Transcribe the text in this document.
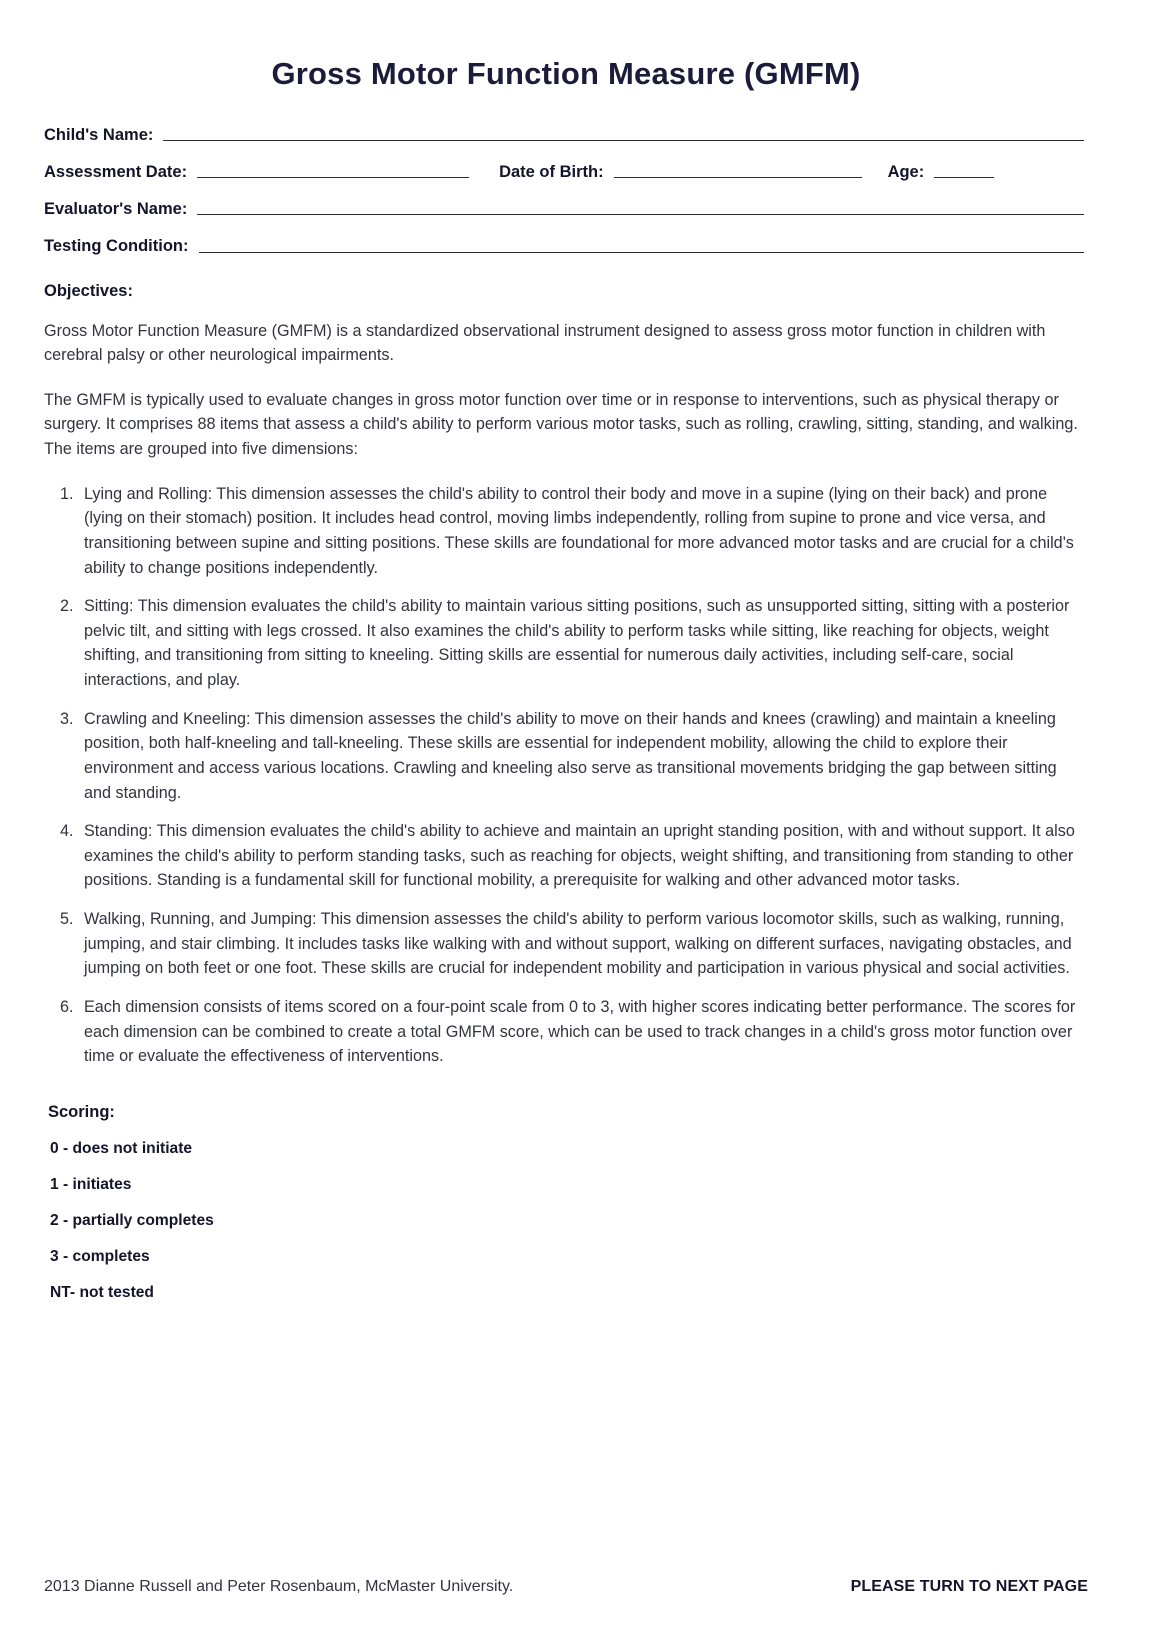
Gross Motor Function Measure (GMFM)
Child's Name:
Assessment Date:	Date of Birth:	Age:
Evaluator's Name:
Testing Condition:
Objectives:

Gross Motor Function Measure (GMFM) is a standardized observational instrument designed to assess gross motor function in children with cerebral palsy or other neurological impairments.

The GMFM is typically used to evaluate changes in gross motor function over time or in response to interventions, such as physical therapy or surgery. It comprises 88 items that assess a child's ability to perform various motor tasks, such as rolling, crawling, sitting, standing, and walking. The items are grouped into five dimensions:

1. Lying and Rolling: This dimension assesses the child's ability to control their body and move in a supine (lying on their back) and prone (lying on their stomach) position. It includes head control, moving limbs independently, rolling from supine to prone and vice versa, and transitioning between supine and sitting positions. These skills are foundational for more advanced motor tasks and are crucial for a child's ability to change positions independently.
2. Sitting: This dimension evaluates the child's ability to maintain various sitting positions, such as unsupported sitting, sitting with a posterior pelvic tilt, and sitting with legs crossed. It also examines the child's ability to perform tasks while sitting, like reaching for objects, weight shifting, and transitioning from sitting to kneeling. Sitting skills are essential for numerous daily activities, including self-care, social interactions, and play.
3. Crawling and Kneeling: This dimension assesses the child's ability to move on their hands and knees (crawling) and maintain a kneeling position, both half-kneeling and tall-kneeling. These skills are essential for independent mobility, allowing the child to explore their environment and access various locations. Crawling and kneeling also serve as transitional movements bridging the gap between sitting and standing.
4. Standing: This dimension evaluates the child's ability to achieve and maintain an upright standing position, with and without support. It also examines the child's ability to perform standing tasks, such as reaching for objects, weight shifting, and transitioning from standing to other positions. Standing is a fundamental skill for functional mobility, a prerequisite for walking and other advanced motor tasks.
5. Walking, Running, and Jumping: This dimension assesses the child's ability to perform various locomotor skills, such as walking, running, jumping, and stair climbing. It includes tasks like walking with and without support, walking on different surfaces, navigating obstacles, and jumping on both feet or one foot. These skills are crucial for independent mobility and participation in various physical and social activities.
6. Each dimension consists of items scored on a four-point scale from 0 to 3, with higher scores indicating better performance. The scores for each dimension can be combined to create a total GMFM score, which can be used to track changes in a child's gross motor function over time or evaluate the effectiveness of interventions.
Scoring:
0 - does not initiate
1 - initiates
2 - partially completes
3 - completes
NT- not tested
2013 Dianne Russell and Peter Rosenbaum, McMaster University.	PLEASE TURN TO NEXT PAGE
